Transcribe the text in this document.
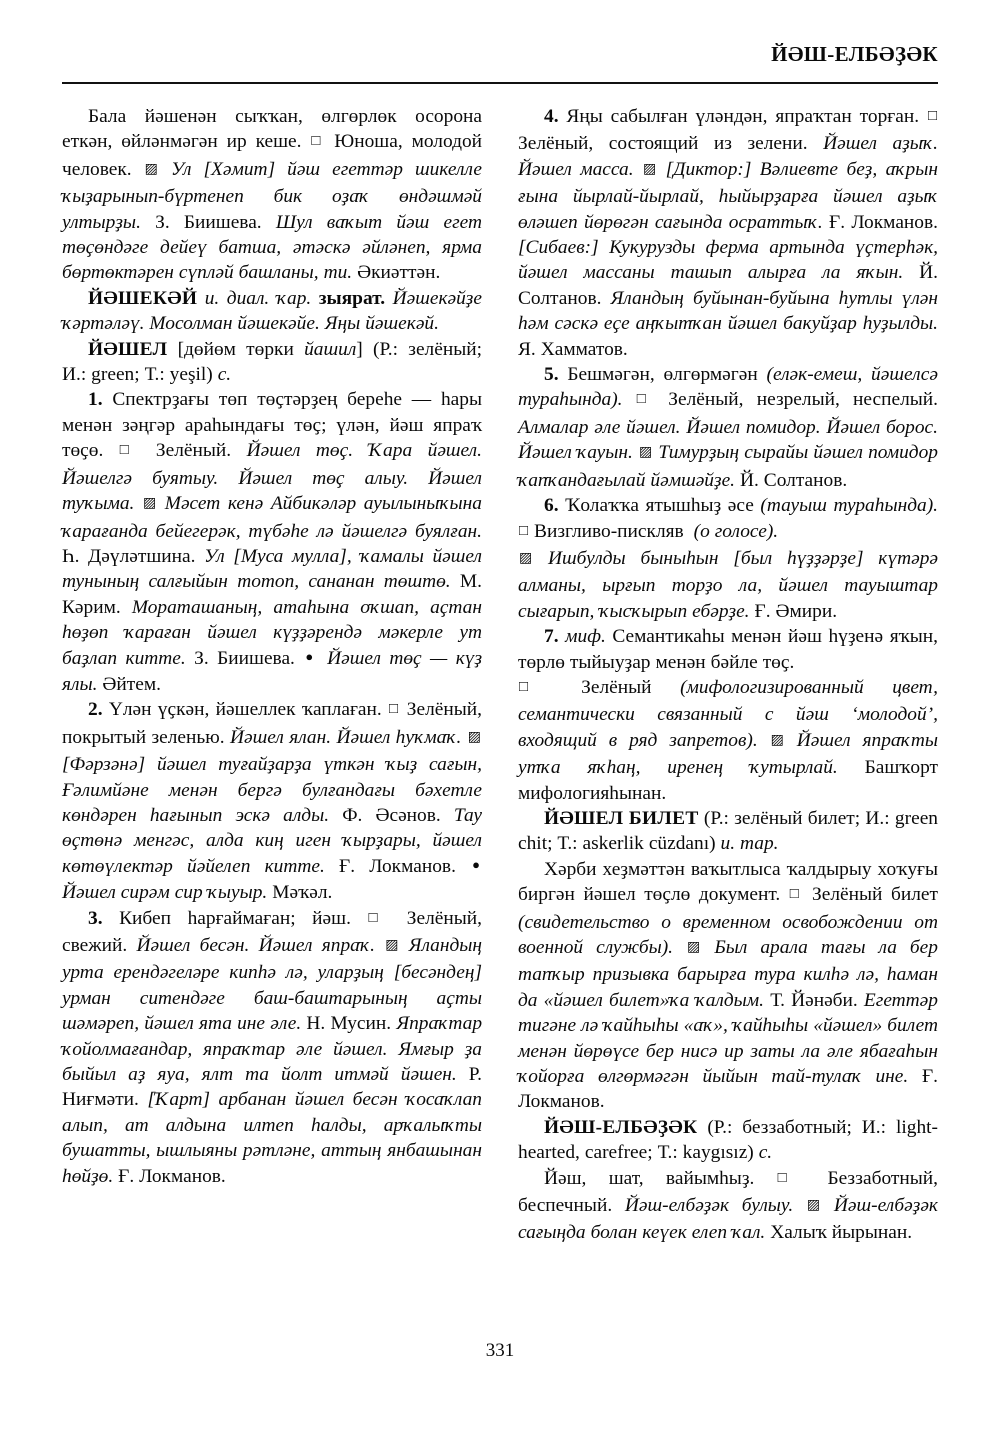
ЙӘШ-ЕЛБӘҘӘК

Бала йәшенән сыҡҡан, өлгөрлөк осорона еткән, өйләнмәгән ир кеше. □ Юноша, молодой человек. ▨ Ул [Хәмит] йәш егеттәр шикелле ҡыҙарынып-бүртенеп бик оҙаҡ өндәшмәй ултырҙы. З. Биишева. Шул ваҡыт йәш егет төҫөндәге дейеү батша, әтәскә әйләнеп, ярма бөртөктәрен сүпләй башланы, ти. Әкиәттән.

ЙӘШЕКӘЙ и. диал. ҡар. зыярат. Йәшекәйҙе ҡәртәләү. Мосолман йәшекәйе. Яңы йәшекәй.

ЙӘШЕЛ [дөйөм төрки йашил] (Р.: зелёный; И.: green; Т.: yeşil) с.

1. Спектрҙағы төп төҫтәрҙең береһе — һары менән зәңгәр араһындағы төҫ; үлән, йәш япраҡ төҫө. □ Зелёный. Йәшел төҫ. Ҡара йәшел. Йәшелгә буятыу. Йәшел төҫ алыу. Йәшел туҡыма. ▨ Мәсет кенә Айбикәләр ауылыныҡына ҡарағанда бейегерәк, түбәһе лә йәшелгә буялған. Һ. Дәүләтшина. Ул [Муса мулла], ҡамалы йәшел тунының салғыйын тотоп, сананан төштө. М. Кәрим. Мораташаның, атаһына оҡшап, аҫтан һөҙөп ҡараған йәшел күҙҙәрендә мәкерле ут баҙлап китте. З. Биишева. ● Йәшел төҫ — күҙ ялы. Әйтем.

2. Үлән үҫкән, йәшеллек ҡаплаған. □ Зелёный, покрытый зеленью. Йәшел ялан. Йәшел һуҡмаҡ. ▨ [Фәрзәнә] йәшел туғайҙарҙа үткән ҡыҙ сағын, Ғәлимйәне менән бергә булғандағы бәхетле көндәрен һағынып эскә алды. Ф. Әсәнов. Тау өҫтөнә менгәс, алда киң иген ҡырҙары, йәшел көтөүлектәр йәйелеп китте. Ғ. Локманов. ● Йәшел сирәм сир ҡыуыр. Мәҡәл.

3. Кибеп һарғаймаған; йәш. □ Зелёный, свежий. Йәшел бесән. Йәшел япраҡ. ▨ Яландың урта ерендәгеләре кипһә лә, уларҙың [бесәндең] урман ситендәге баш-баштарының аҫты шәмәреп, йәшел ята ине әле. Н. Мусин. Япраҡтар ҡойолмағандар, япраҡтар әле йәшел. Ямғыр ҙа быйыл аҙ яуа, ялт та йолт итмәй йәшен. Р. Ниғмәти. [Ҡарт] арбанан йәшел бесән ҡосаҡлап алып, ат алдына илтеп һалды, арҡалыҡты бушатты, ышлыяны рәтләне, аттың янбашынан һөйҙө. Ғ. Локманов.

4. Яңы сабылған үләндән, япраҡтан торған. □ Зелёный, состоящий из зелени. Йәшел аҙыҡ. Йәшел масса. ▨ [Диктор:] Вәлиевте беҙ, аҡрын ғына йырлай-йырлай, һыйырҙарға йәшел аҙыҡ өләшеп йөрөгән сағында осраттыҡ. Ғ. Локманов. [Сибаев:] Кукурузды ферма артында үҫтерһәк, йәшел массаны ташып алырға ла яҡын. Й. Солтанов. Яландың буйынан-буйына һутлы үлән һәм сәскә еҫе аңҡытҡан йәшел бакуйҙар һуҙылды. Я. Хамматов.

5. Бешмәгән, өлгөрмәгән (еләк-емеш, йәшелсә тураһында). □ Зелёный, незрелый, неспелый. Алмалар әле йәшел. Йәшел помидор. Йәшел борос. Йәшел ҡауын. ▨ Тимурҙың сырайы йәшел помидор ҡапҡандағылай йәмшәйҙе. Й. Солтанов.

6. Ҡолаҡҡа ятышһыҙ әсе (тауыш тураһында). □ Визгливо-пискляв (о голосе).

▨ Ишбулды быныһын [был һүҙҙәрҙе] күтәрә алманы, ырғып торҙо ла, йәшел тауыштар сығарып, ҡысҡырып ебәрҙе. Ғ. Әмири.

7. миф. Семантикаһы менән йәш һүҙенә яҡын, төрлө тыйыуҙар менән бәйле төҫ.

□ Зелёный (мифологизированный цвет, семантически связанный с йәш ‘молодой’, входящий в ряд запретов). ▨ Йәшел япраҡты утҡа яҡһаң, иренең ҡутырлай. Башҡорт мифологияһынан.

ЙӘШЕЛ БИЛЕТ (Р.: зелёный билет; И.: green chit; Т.: askerlik cüzdanı) и. тар.

Хәрби хеҙмәттән ваҡытлыса ҡалдырыу хоҡуғы биргән йәшел төҫлө документ. □ Зелёный билет (свидетельство о временном освобождении от военной службы). ▨ Был арала тағы ла бер тапҡыр призывка барырға тура килһә лә, һаман да «йәшел билет»ҡа ҡалдым. Т. Йәнәби. Егеттәр тигәне лә ҡайһыһы «аҡ», ҡайһыһы «йәшел» билет менән йөрөүсе бер нисә ир заты ла әле ябағаһын ҡойорға өлгөрмәгән йыйын тай-тулаҡ ине. Ғ. Локманов.

ЙӘШ-ЕЛБӘҘӘК (Р.: беззаботный; И.: light-hearted, carefree; Т.: kaygısız) с.

Йәш, шат, вайымһыҙ. □ Беззаботный, беспечный. Йәш-елбәҙәк булыу. ▨ Йәш-елбәҙәк сағыңда болан кеүек елеп ҡал. Халыҡ йырынан.

331
